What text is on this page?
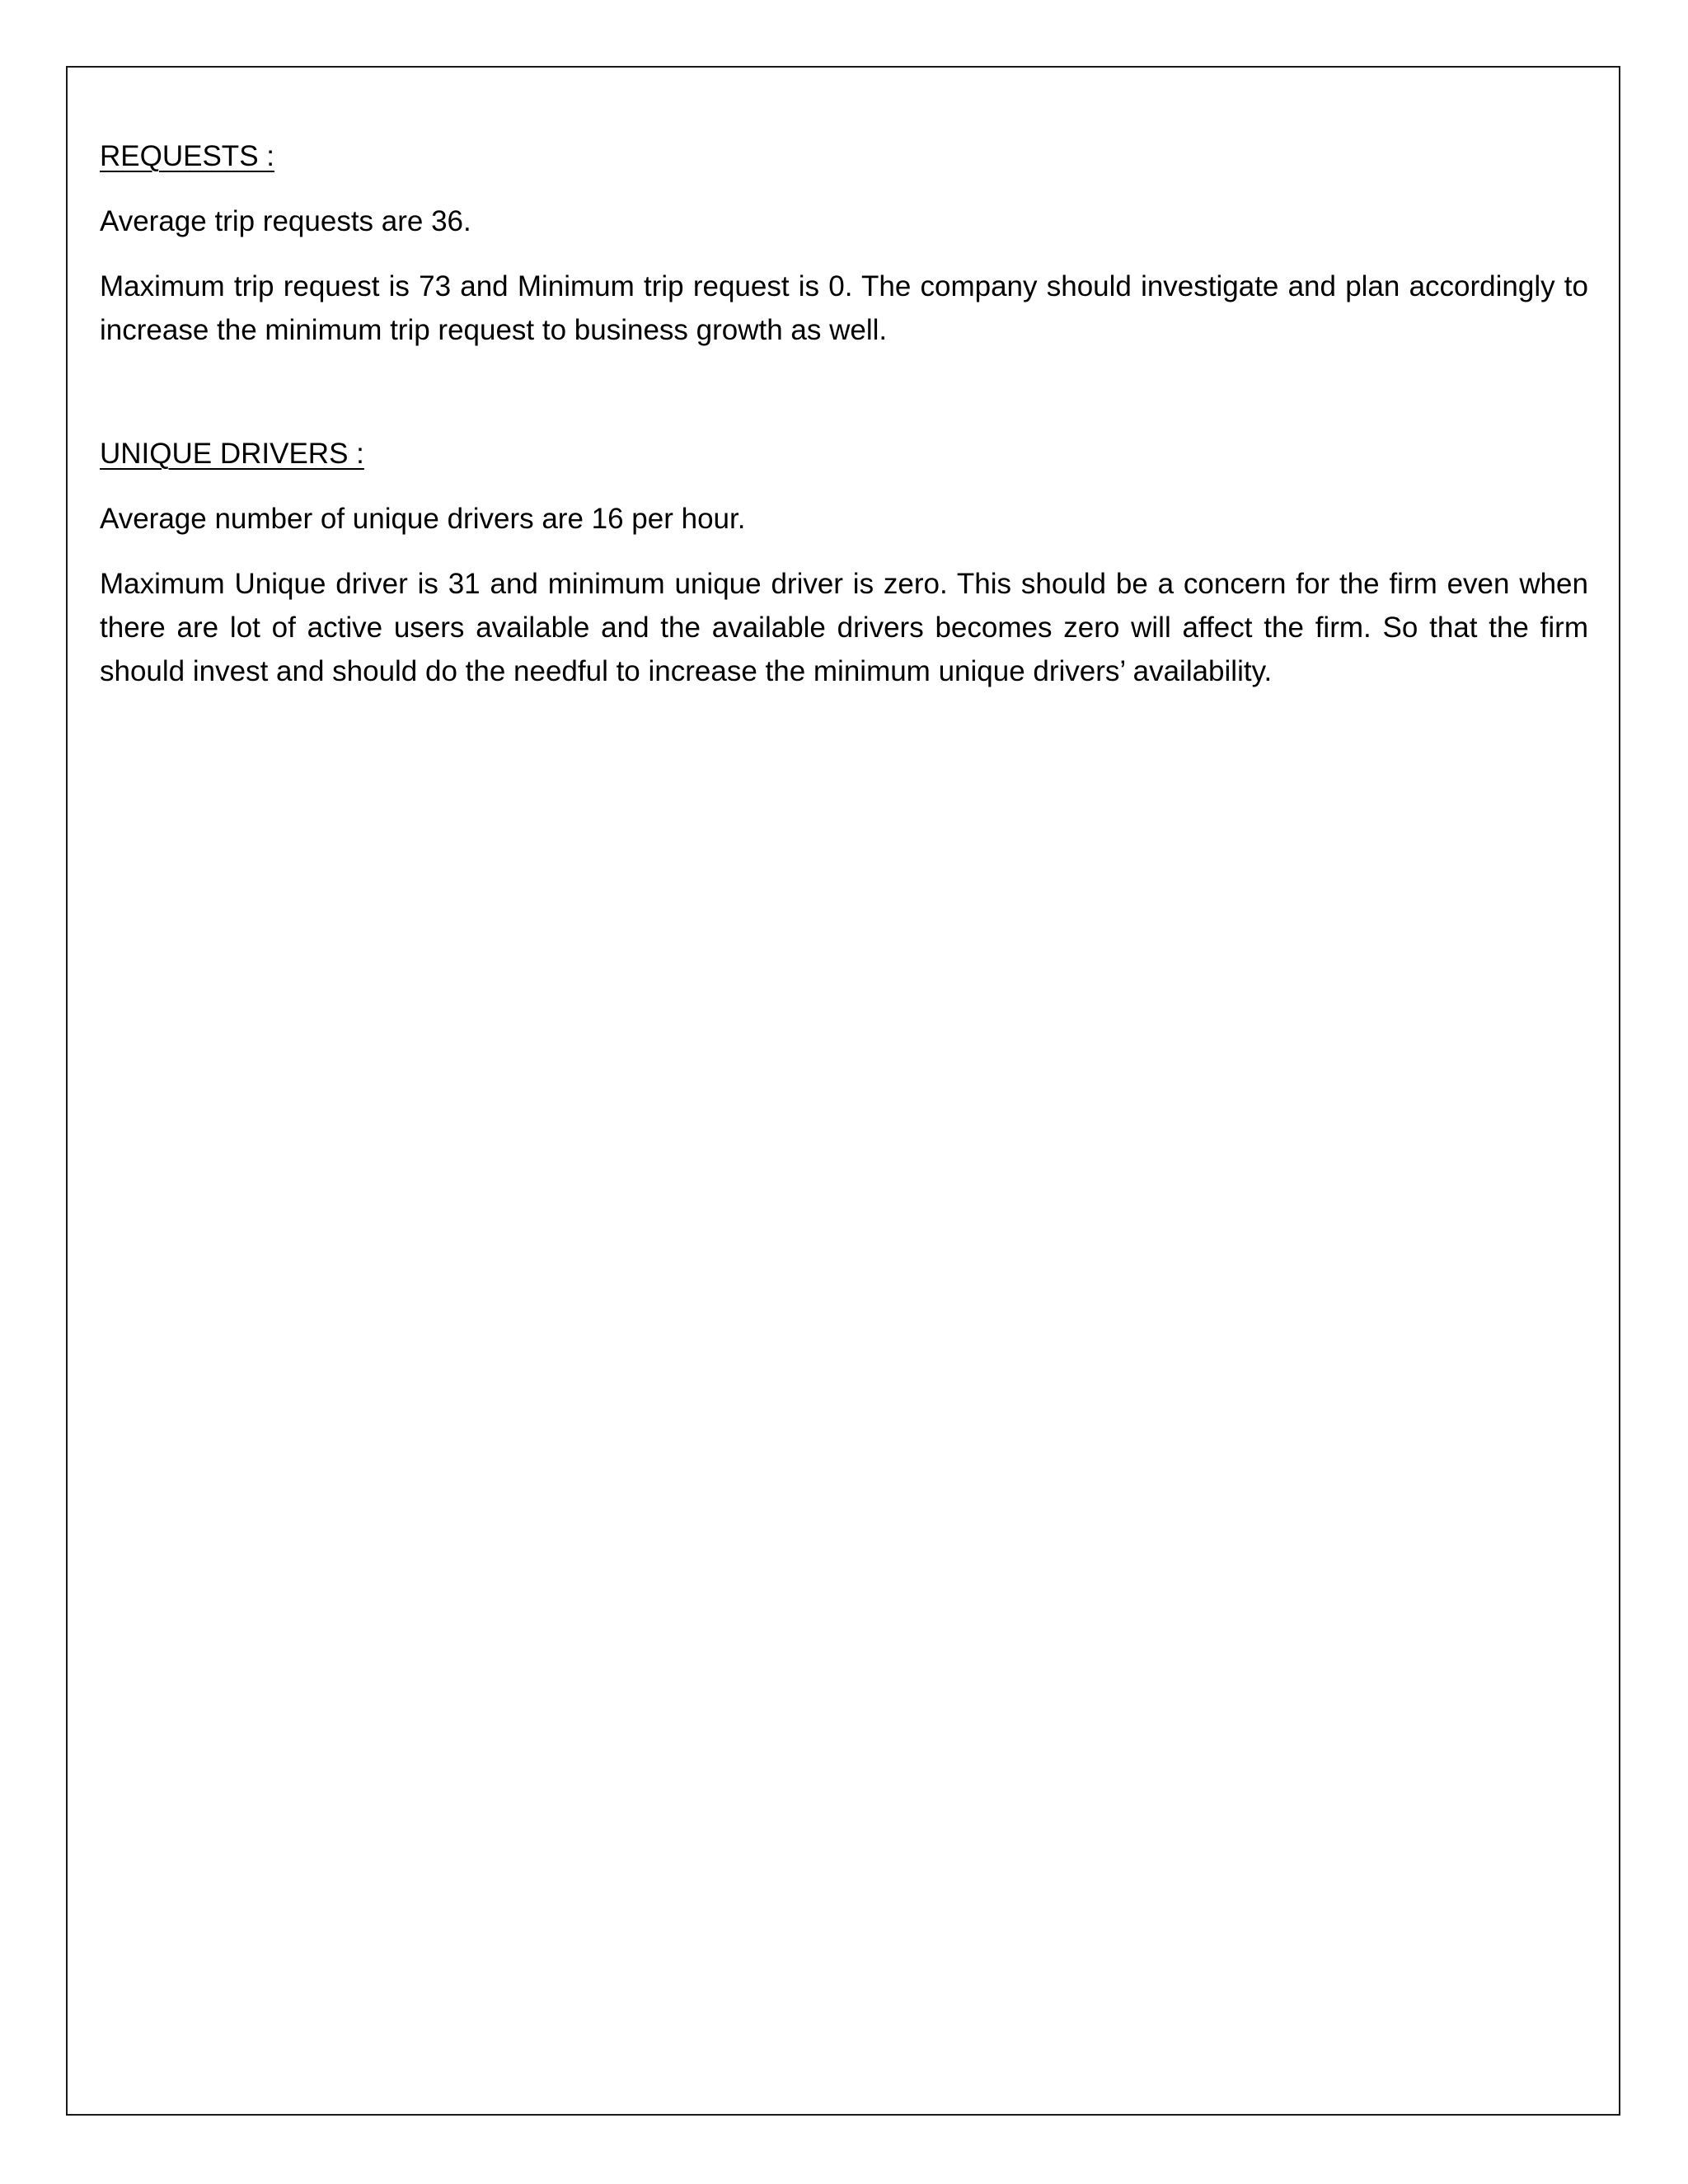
REQUESTS :

Average trip requests are 36.

Maximum trip request is 73 and Minimum trip request is 0. The company should investigate and plan accordingly to increase the minimum trip request to business growth as well.

UNIQUE DRIVERS :

Average number of unique drivers are 16 per hour.

Maximum Unique driver is 31 and minimum unique driver is zero. This should be a concern for the firm even when there are lot of active users available and the available drivers becomes zero will affect the firm. So that the firm should invest and should do the needful to increase the minimum unique drivers’ availability.
